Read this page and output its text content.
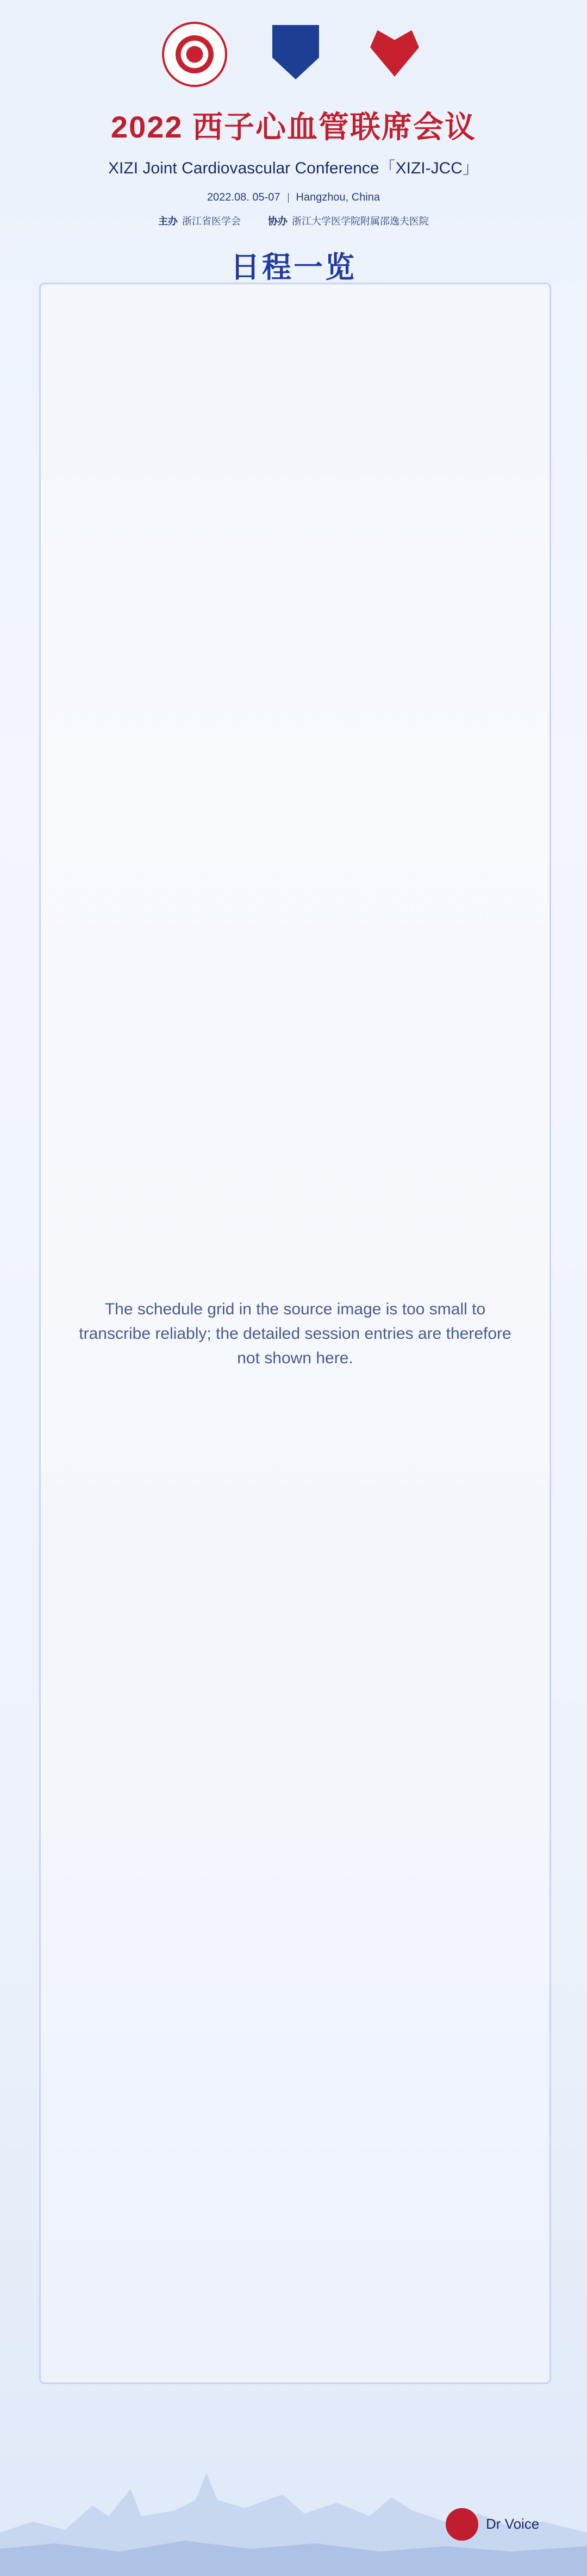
2022 西子心血管联席会议
XIZI Joint Cardiovascular Conference「XIZI-JCC」
2022.08. 05-07 Hangzhou, China
主办 浙江省医学会	协办 浙江大学医学院附属邵逸夫医院
日程一览
The schedule grid in the source image is too small to transcribe reliably; the detailed session entries are therefore not shown here.
Dr Voice
